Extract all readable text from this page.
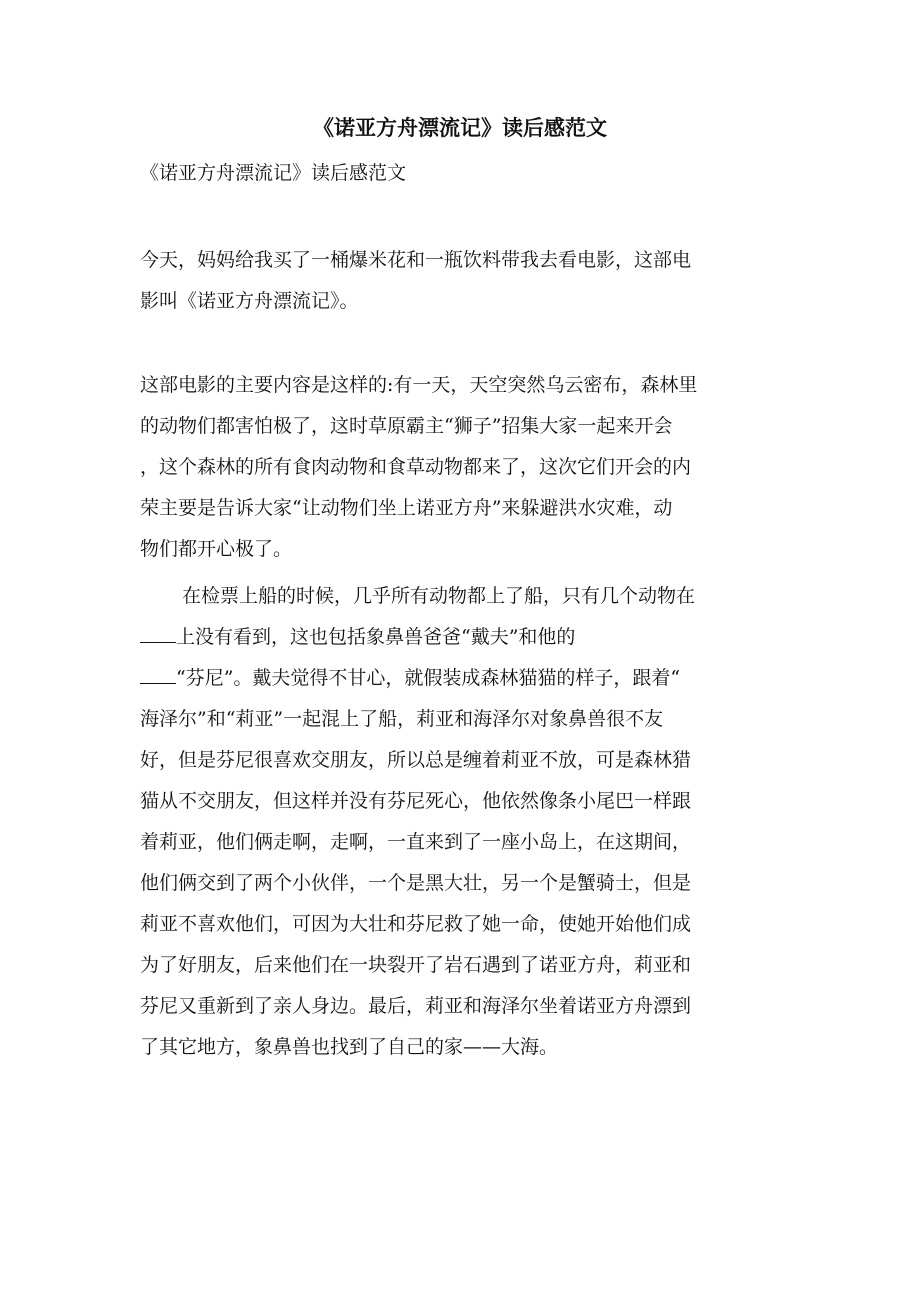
《诺亚方舟漂流记》读后感范文

《诺亚方舟漂流记》读后感范文

今天，妈妈给我买了一桶爆米花和一瓶饮料带我去看电影，这部电

影叫《诺亚方舟漂流记》。

这部电影的主要内容是这样的:有一天，天空突然乌云密布，森林里

的动物们都害怕极了，这时草原霸主“狮子”招集大家一起来开会

，这个森林的所有食肉动物和食草动物都来了，这次它们开会的内

荣主要是告诉大家“让动物们坐上诺亚方舟”来躲避洪水灾难，动

物们都开心极了。

在检票上船的时候，几乎所有动物都上了船，只有几个动物在

上没有看到，这也包括象鼻兽爸爸“戴夫”和他的

“芬尼”。戴夫觉得不甘心，就假装成森林猫猫的样子，跟着“

海泽尔”和“莉亚”一起混上了船，莉亚和海泽尔对象鼻兽很不友

好，但是芬尼很喜欢交朋友，所以总是缠着莉亚不放，可是森林猎

猫从不交朋友，但这样并没有芬尼死心，他依然像条小尾巴一样跟

着莉亚，他们俩走啊，走啊，一直来到了一座小岛上，在这期间，

他们俩交到了两个小伙伴，一个是黑大壮，另一个是蟹骑士，但是

莉亚不喜欢他们，可因为大壮和芬尼救了她一命，使她开始他们成

为了好朋友，后来他们在一块裂开了岩石遇到了诺亚方舟，莉亚和

芬尼又重新到了亲人身边。最后，莉亚和海泽尔坐着诺亚方舟漂到

了其它地方，象鼻兽也找到了自己的家——大海。
